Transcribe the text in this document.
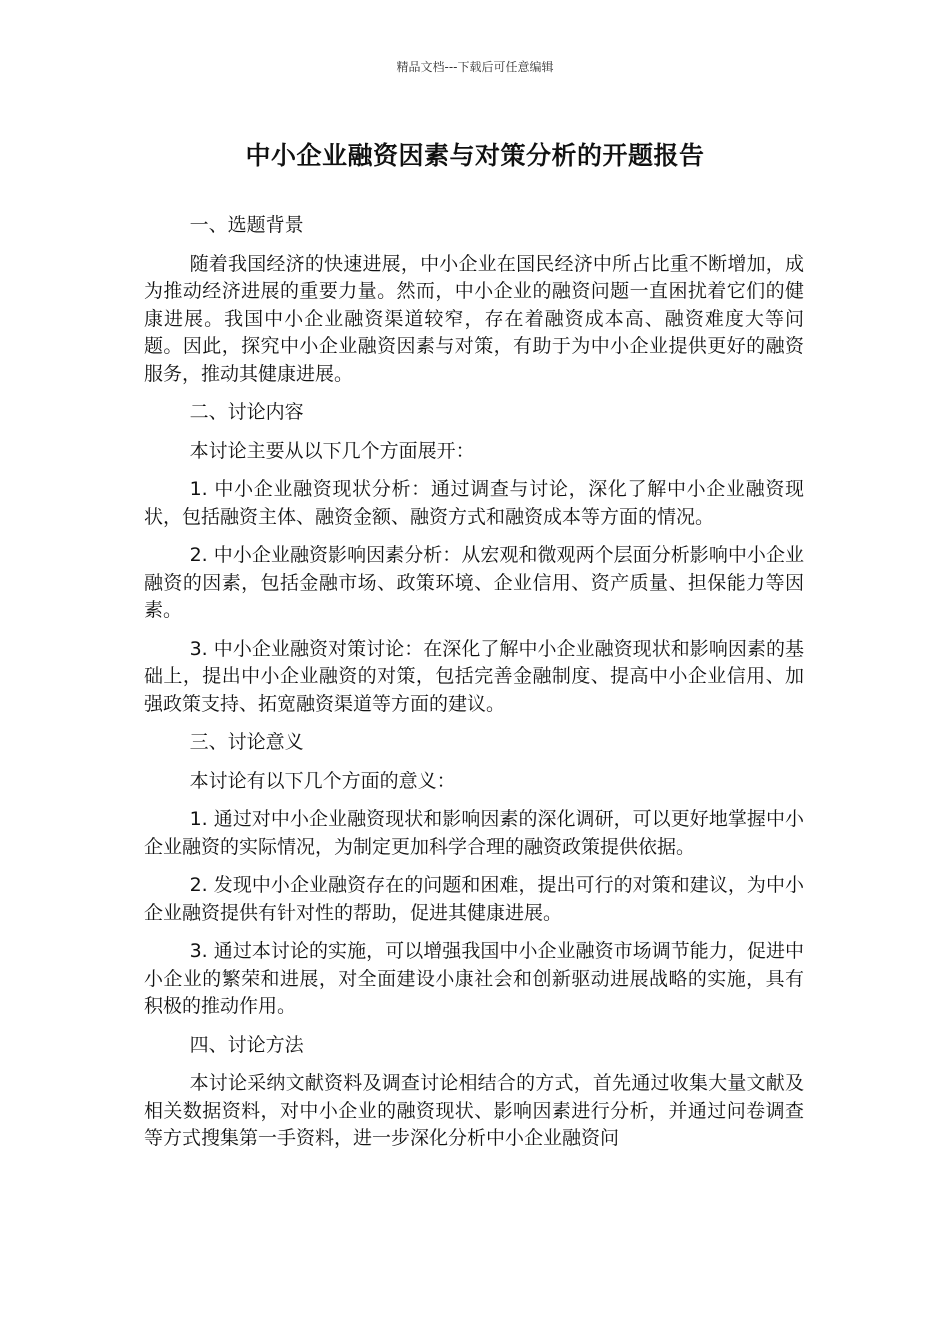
精品文档---下载后可任意编辑
中小企业融资因素与对策分析的开题报告

一、选题背景

随着我国经济的快速进展，中小企业在国民经济中所占比重不断增加，成为推动经济进展的重要力量。然而，中小企业的融资问题一直困扰着它们的健康进展。我国中小企业融资渠道较窄，存在着融资成本高、融资难度大等问题。因此，探究中小企业融资因素与对策，有助于为中小企业提供更好的融资服务，推动其健康进展。

二、讨论内容

本讨论主要从以下几个方面展开：

1. 中小企业融资现状分析：通过调查与讨论，深化了解中小企业融资现状，包括融资主体、融资金额、融资方式和融资成本等方面的情况。

2. 中小企业融资影响因素分析：从宏观和微观两个层面分析影响中小企业融资的因素，包括金融市场、政策环境、企业信用、资产质量、担保能力等因素。

3. 中小企业融资对策讨论：在深化了解中小企业融资现状和影响因素的基础上，提出中小企业融资的对策，包括完善金融制度、提高中小企业信用、加强政策支持、拓宽融资渠道等方面的建议。

三、讨论意义

本讨论有以下几个方面的意义：

1. 通过对中小企业融资现状和影响因素的深化调研，可以更好地掌握中小企业融资的实际情况，为制定更加科学合理的融资政策提供依据。

2. 发现中小企业融资存在的问题和困难，提出可行的对策和建议，为中小企业融资提供有针对性的帮助，促进其健康进展。

3. 通过本讨论的实施，可以增强我国中小企业融资市场调节能力，促进中小企业的繁荣和进展，对全面建设小康社会和创新驱动进展战略的实施，具有积极的推动作用。

四、讨论方法

本讨论采纳文献资料及调查讨论相结合的方式，首先通过收集大量文献及相关数据资料，对中小企业的融资现状、影响因素进行分析，并通过问卷调查等方式搜集第一手资料，进一步深化分析中小企业融资问
